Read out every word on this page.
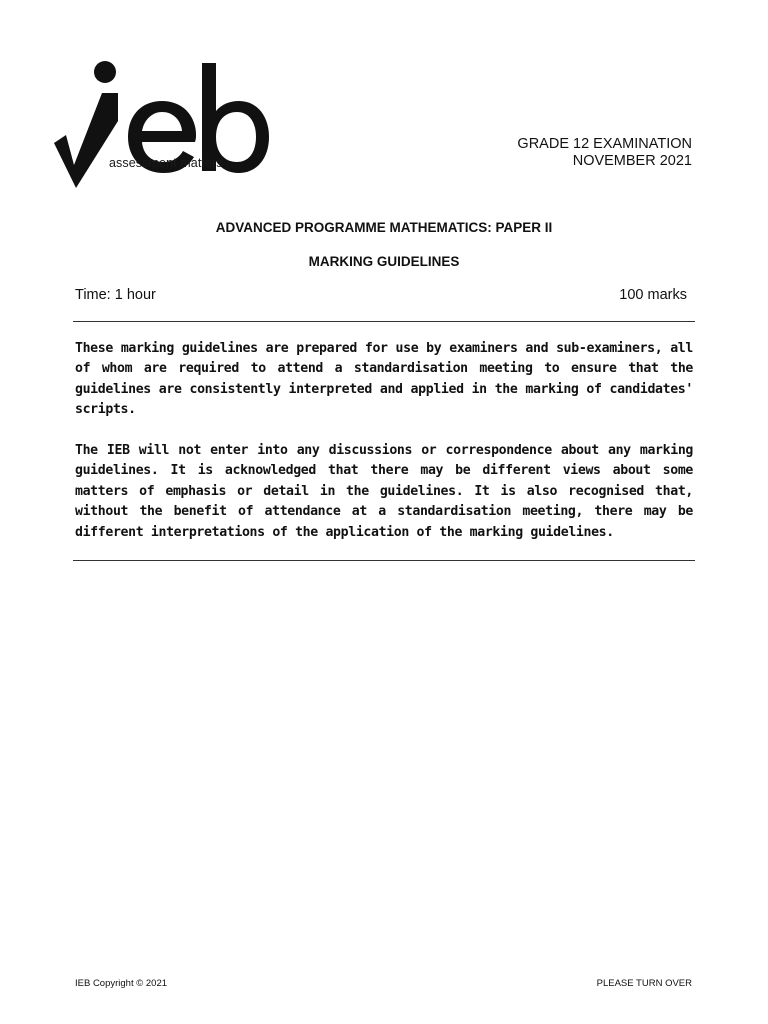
assessment matters
GRADE 12 EXAMINATION
NOVEMBER 2021
ADVANCED PROGRAMME MATHEMATICS: PAPER II
MARKING GUIDELINES
Time: 1 hour	100 marks

These marking guidelines are prepared for use by examiners and sub-examiners, all of whom are required to attend a standardisation meeting to ensure that the guidelines are consistently interpreted and applied in the marking of candidates' scripts.

The IEB will not enter into any discussions or correspondence about any marking guidelines. It is acknowledged that there may be different views about some matters of emphasis or detail in the guidelines. It is also recognised that, without the benefit of attendance at a standardisation meeting, there may be different interpretations of the application of the marking guidelines.

IEB Copyright © 2021	PLEASE TURN OVER
